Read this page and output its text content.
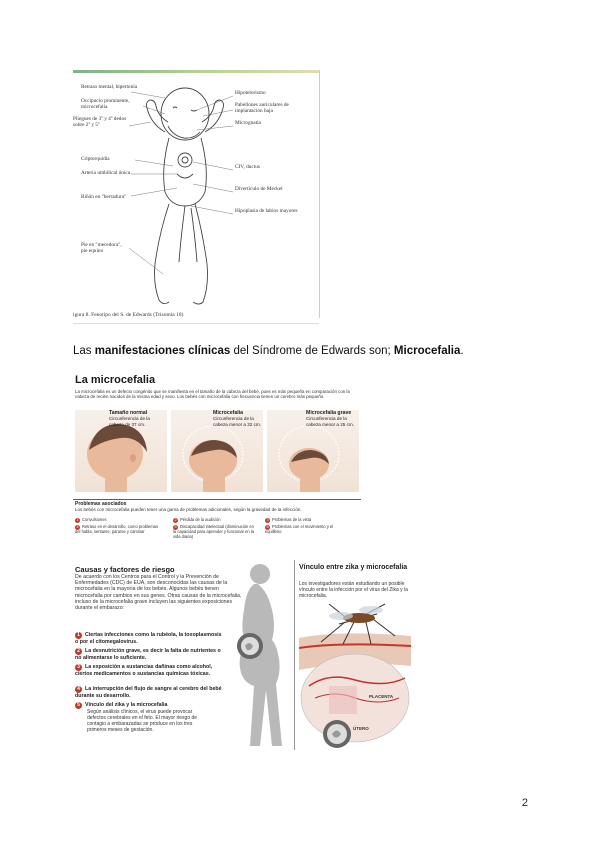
Retraso mental, hipertonía
Occipucio prominente, microcefalia
Pliegues de 3º y 4º dedos sobre 2º y 5º
Criptorquidia
Arteria umbilical única
Riñón en "herradura"
Pie en "mecedora", pie equino
Hipotelorismo
Pabellones auriculares de implantación baja
Micrognatia
CIV, ductus
Divertículo de Meckel
Hipoplasia de labios mayores
igura 8. Fenotipo del S. de Edwards (Trisomía 18)
Las manifestaciones clínicas del Síndrome de Edwards son; Microcefalia.
La microcefalia
La microcefalia es un defecto congénito que se manifiesta en el tamaño de la cabeza del bebé, pues es más pequeña en comparación con la cabeza de recién nacidos de la misma edad y sexo. Los bebés con microcefalia con frecuencia tienen un cerebro más pequeño.
Tamaño normal
Circunferencia de la cabeza de 37 cm.
Microcefalia
Circunferencia de la cabeza menor a 32 cm.
Microcefalia grave
Circunferencia de la cabeza menor a 25 cm.
Problemas asociados
Los bebés con microcefalia pueden tener una gama de problemas adicionales, según la gravedad de la infección.
1 Convulsiones	2 Pérdida de la audición	3 Problemas de la vista
4 Retraso en el desarrollo, como problemas del habla, sentarse, pararse y caminar
5 Discapacidad intelectual (disminución en la capacidad para aprender y funcionar en la vida diaria)
6 Problemas con el movimiento y el equilibrio
Causas y factores de riesgo
De acuerdo con los Centros para el Control y la Prevención de Enfermedades (CDC) de EUA, son desconocidas las causas de la microcefalia en la mayoría de los bebés. Algunos bebés tienen microcefalia por cambios en sus genes. Otras causas de la microcefalia, incluso de la microcefalia grave incluyen las siguientes exposiciones durante el embarazo:
1 Ciertas infecciones como la rubéola, la toxoplasmosis o por el citomegalovirus.
2 La desnutrición grave, es decir la falta de nutrientes o no alimentarse lo suficiente.
3 La exposición a sustancias dañinas como alcohol, ciertos medicamentos o sustancias químicas tóxicas.
4 La interrupción del flujo de sangre al cerebro del bebé durante su desarrollo.
5 Vínculo del zika y la microcefalia
Según análisis clínicos, el virus puede provocar defectos cerebrales en el feto. El mayor riesgo de contagio a embarazadas se produce en los tres primeros meses de gestación.
Vínculo entre zika y microcefalia
Los investigadores están estudiando un posible vínculo entre la infección por el virus del Zika y la microcefalia.
PLACENTA
ÚTERO
2
